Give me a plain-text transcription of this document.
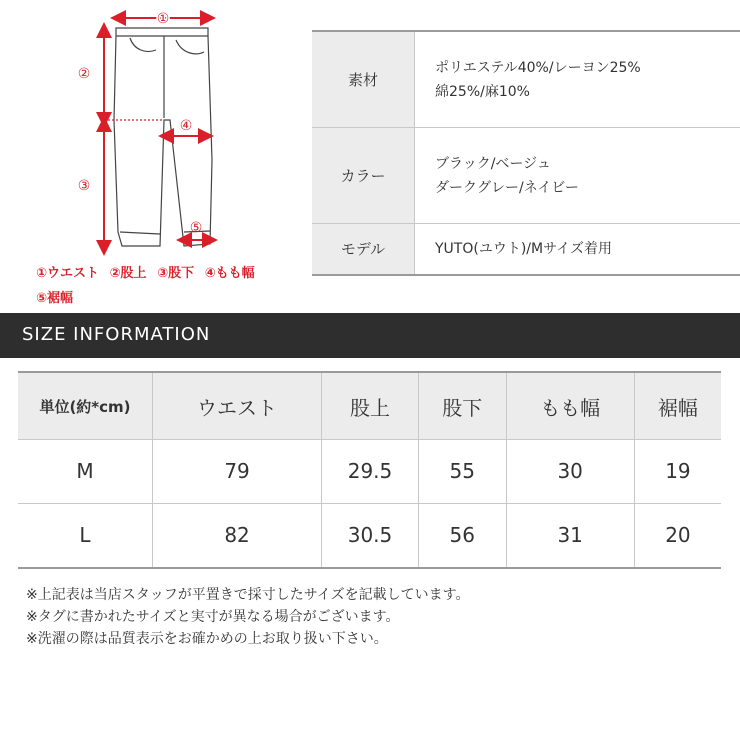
①
②
③
④
⑤
①ウエスト ②股上 ③股下 ④もも幅
⑤裾幅
素材	ポリエステル40%/レーヨン25%
綿25%/麻10%

カラー	ブラック/ベージュ
ダークグレー/ネイビー

モデル	YUTO(ユウト)/Mサイズ着用
SIZE INFORMATION
単位(約*cm)	ウエスト	股上	股下	もも幅	裾幅
M	79	29.5	55	30	19
L	82	30.5	56	31	20
※上記表は当店スタッフが平置きで採寸したサイズを記載しています。
※タグに書かれたサイズと実寸が異なる場合がございます。
※洗濯の際は品質表示をお確かめの上お取り扱い下さい。
